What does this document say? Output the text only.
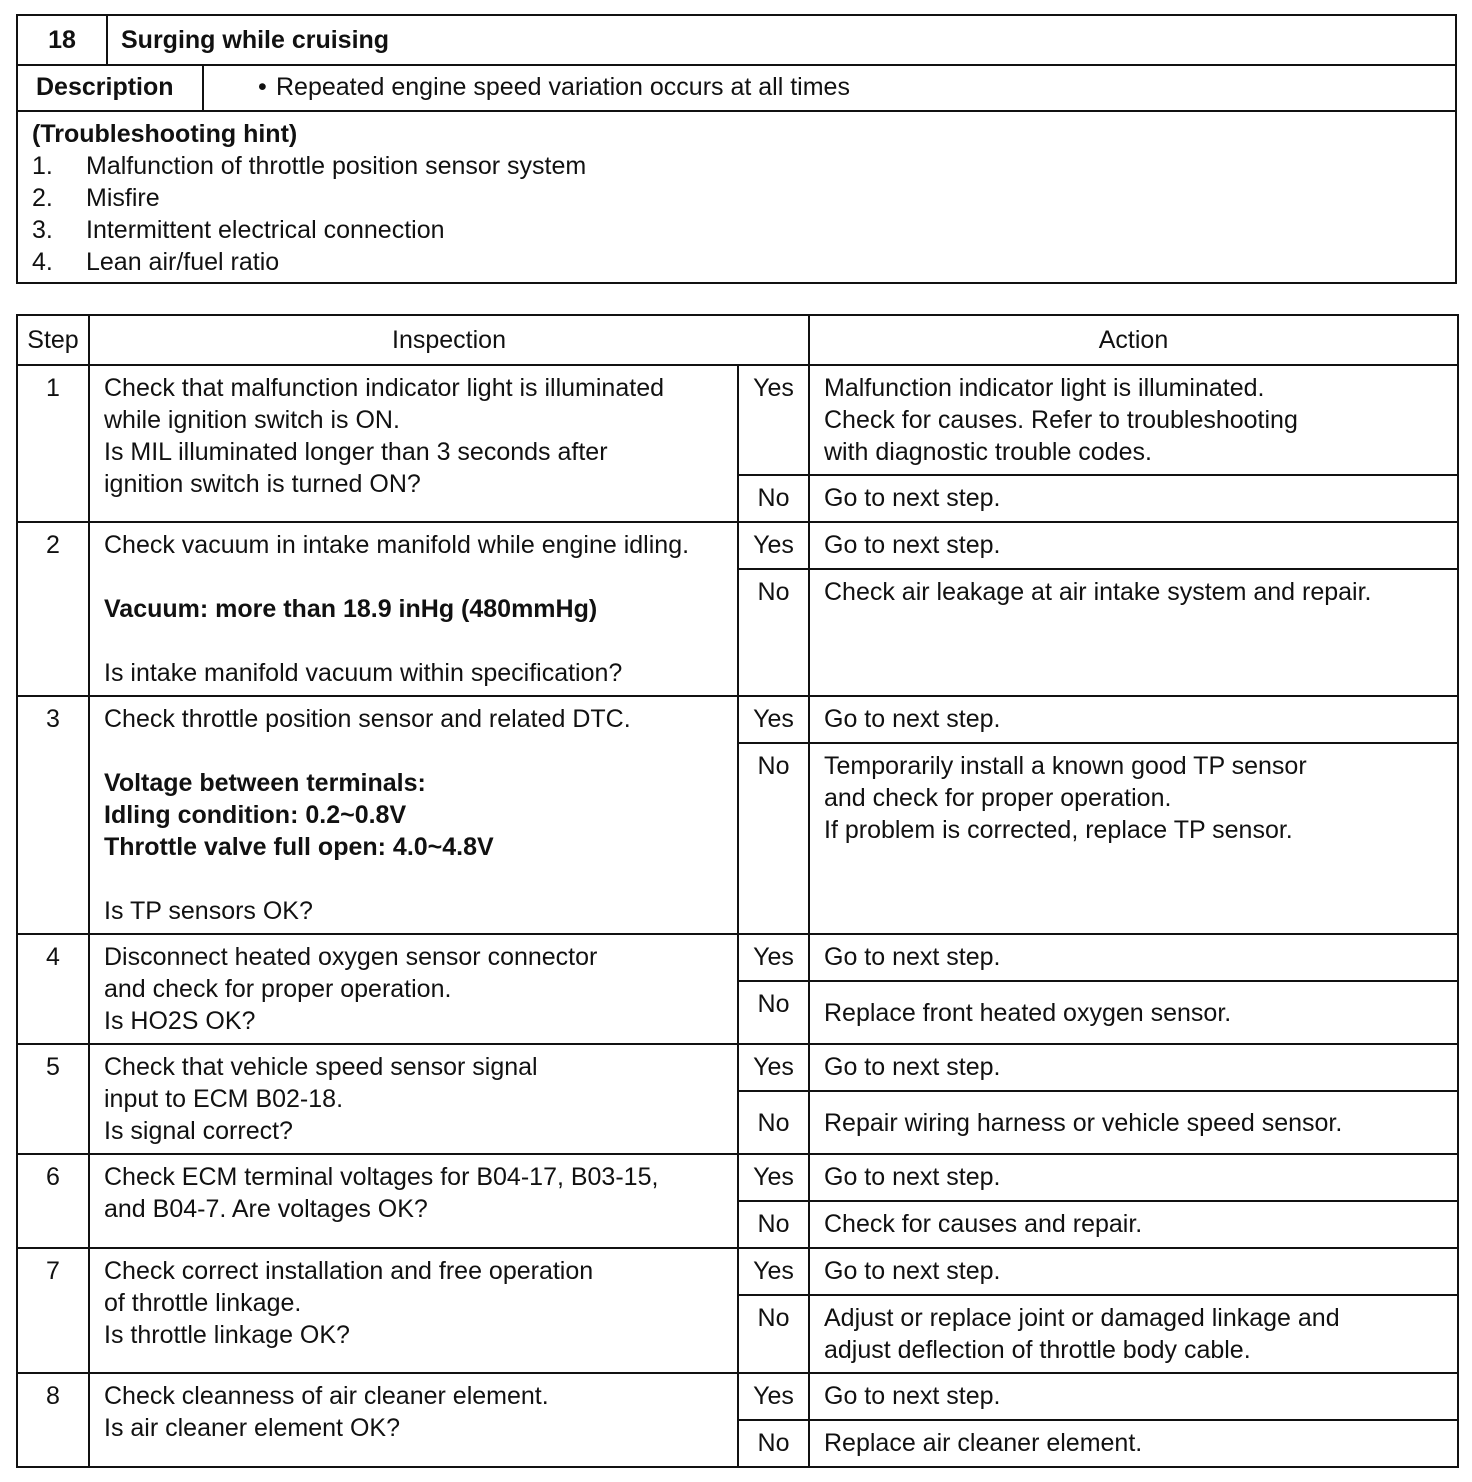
18	Surging while cruising
Description	• Repeated engine speed variation occurs at all times
(Troubleshooting hint)
1.	Malfunction of throttle position sensor system
2.	Misfire
3.	Intermittent electrical connection
4.	Lean air/fuel ratio
Step	Inspection		Action
1	Check that malfunction indicator light is illuminated
while ignition switch is ON.
Is MIL illuminated longer than 3 seconds after
ignition switch is turned ON?	Yes	Malfunction indicator light is illuminated.
Check for causes. Refer to troubleshooting
with diagnostic trouble codes.

		No	Go to next step.

2	Check vacuum in intake manifold while engine idling.
Vacuum: more than 18.9 inHg (480mmHg)
Is intake manifold vacuum within specification?	Yes	Go to next step.

		No	Check air leakage at air intake system and repair.

3	Check throttle position sensor and related DTC.
Voltage between terminals:
Idling condition: 0.2~0.8V
Throttle valve full open: 4.0~4.8V
Is TP sensors OK?	Yes	Go to next step.

		No	Temporarily install a known good TP sensor
and check for proper operation.
If problem is corrected, replace TP sensor.

4	Disconnect heated oxygen sensor connector
and check for proper operation.
Is HO2S OK?	Yes	Go to next step.

		No	Replace front heated oxygen sensor.

5	Check that vehicle speed sensor signal
input to ECM B02-18.
Is signal correct?	Yes	Go to next step.

		No	Repair wiring harness or vehicle speed sensor.

6	Check ECM terminal voltages for B04-17, B03-15,
and B04-7. Are voltages OK?	Yes	Go to next step.

		No	Check for causes and repair.

7	Check correct installation and free operation
of throttle linkage.
Is throttle linkage OK?	Yes	Go to next step.

		No	Adjust or replace joint or damaged linkage and
adjust deflection of throttle body cable.

8	Check cleanness of air cleaner element.
Is air cleaner element OK?	Yes	Go to next step.

		No	Replace air cleaner element.
